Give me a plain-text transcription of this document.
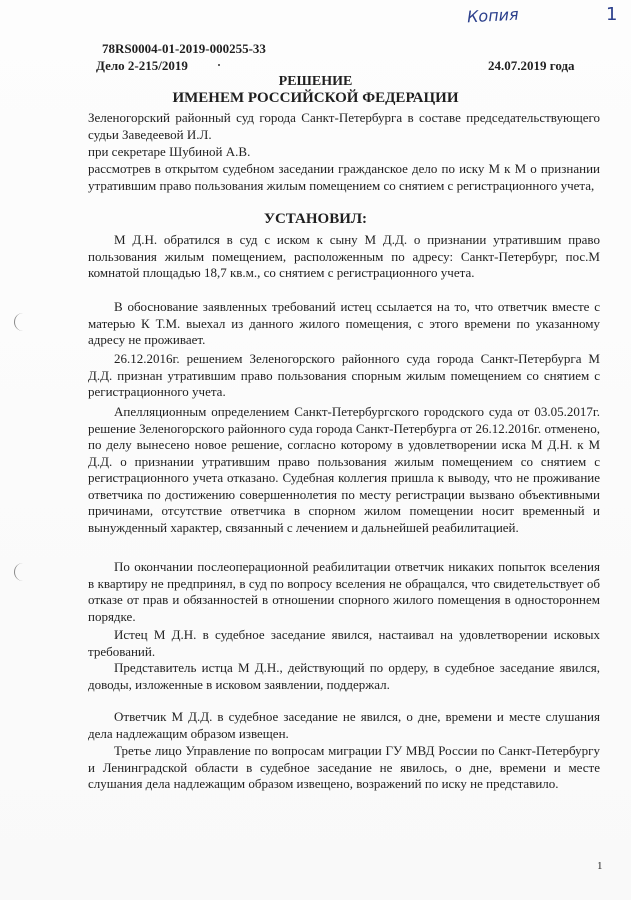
Копия	1
78RS0004-01-2019-000255-33
Дело 2-215/2019	24.07.2019 года
РЕШЕНИЕ
ИМЕНЕМ РОССИЙСКОЙ ФЕДЕРАЦИИ
Зеленогорский районный суд города Санкт-Петербурга в составе председательствующего судьи Заведеевой И.Л.
при секретаре Шубиной А.В.
рассмотрев в открытом судебном заседании гражданское дело по иску М к М о признании утратившим право пользования жилым помещением со снятием с регистрационного учета,
УСТАНОВИЛ:
М Д.Н. обратился в суд с иском к сыну М Д.Д. о признании утратившим право пользования жилым помещением, расположенным по адресу: Санкт-Петербург, пос.М комнатой площадью 18,7 кв.м., со снятием с регистрационного учета.
В обоснование заявленных требований истец ссылается на то, что ответчик вместе с матерью К Т.М. выехал из данного жилого помещения, с этого времени по указанному адресу не проживает.
26.12.2016г. решением Зеленогорского районного суда города Санкт-Петербурга М Д.Д. признан утратившим право пользования спорным жилым помещением со снятием с регистрационного учета.
Апелляционным определением Санкт-Петербургского городского суда от 03.05.2017г. решение Зеленогорского районного суда города Санкт-Петербурга от 26.12.2016г. отменено, по делу вынесено новое решение, согласно которому в удовлетворении иска М Д.Н. к М Д.Д. о признании утратившим право пользования жилым помещением со снятием с регистрационного учета отказано. Судебная коллегия пришла к выводу, что не проживание ответчика по достижению совершеннолетия по месту регистрации вызвано объективными причинами, отсутствие ответчика в спорном жилом помещении носит временный и вынужденный характер, связанный с лечением и дальнейшей реабилитацией.
По окончании послеоперационной реабилитации ответчик никаких попыток вселения в квартиру не предпринял, в суд по вопросу вселения не обращался, что свидетельствует об отказе от прав и обязанностей в отношении спорного жилого помещения в одностороннем порядке.
Истец М Д.Н. в судебное заседание явился, настаивал на удовлетворении исковых требований.
Представитель истца М Д.Н., действующий по ордеру, в судебное заседание явился, доводы, изложенные в исковом заявлении, поддержал.
Ответчик М Д.Д. в судебное заседание не явился, о дне, времени и месте слушания дела надлежащим образом извещен.
Третье лицо Управление по вопросам миграции ГУ МВД России по Санкт-Петербургу и Ленинградской области в судебное заседание не явилось, о дне, времени и месте слушания дела надлежащим образом извещено, возражений по иску не представило.
1
